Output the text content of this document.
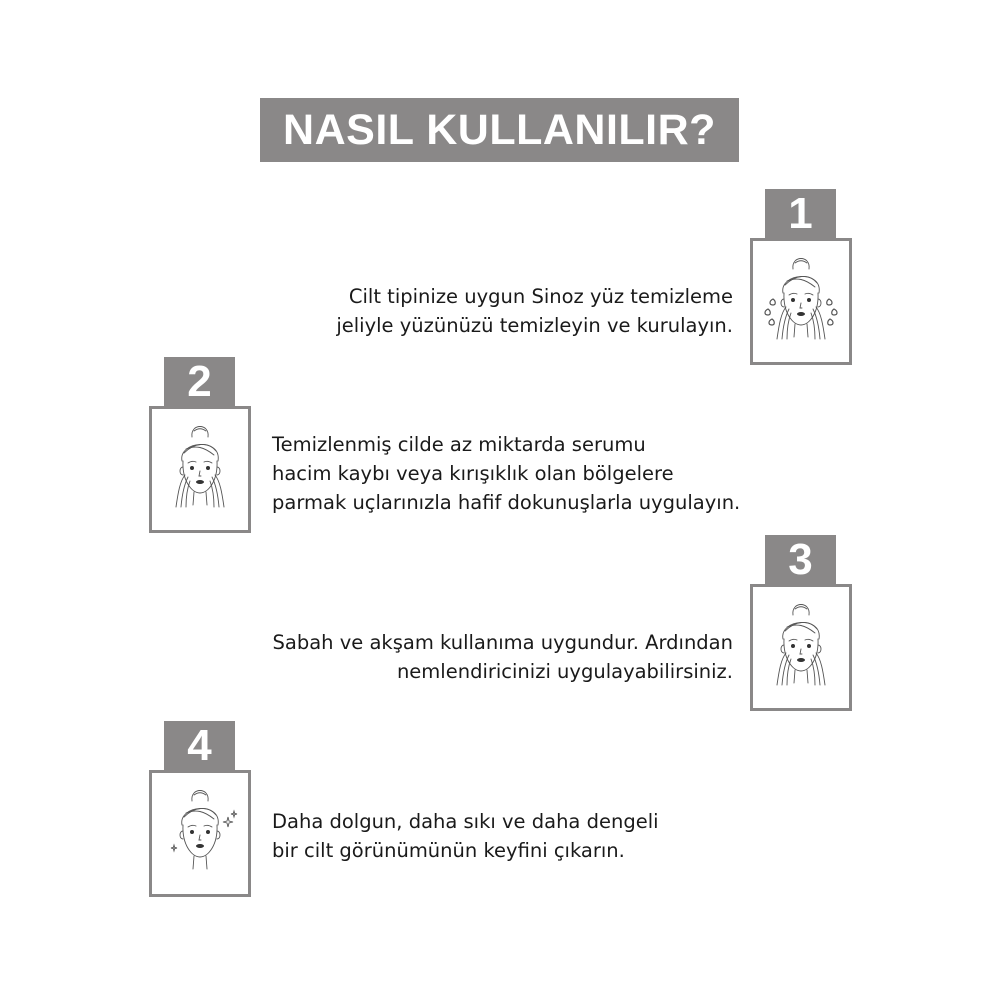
NASIL KULLANILIR?
1
Cilt tipinize uygun Sinoz yüz temizleme
jeliyle yüzünüzü temizleyin ve kurulayın.
2
Temizlenmiş cilde az miktarda serumu
hacim kaybı veya kırışıklık olan bölgelere
parmak uçlarınızla hafif dokunuşlarla uygulayın.
3
Sabah ve akşam kullanıma uygundur. Ardından
nemlendiricinizi uygulayabilirsiniz.
4
Daha dolgun, daha sıkı ve daha dengeli
bir cilt görünümünün keyfini çıkarın.
